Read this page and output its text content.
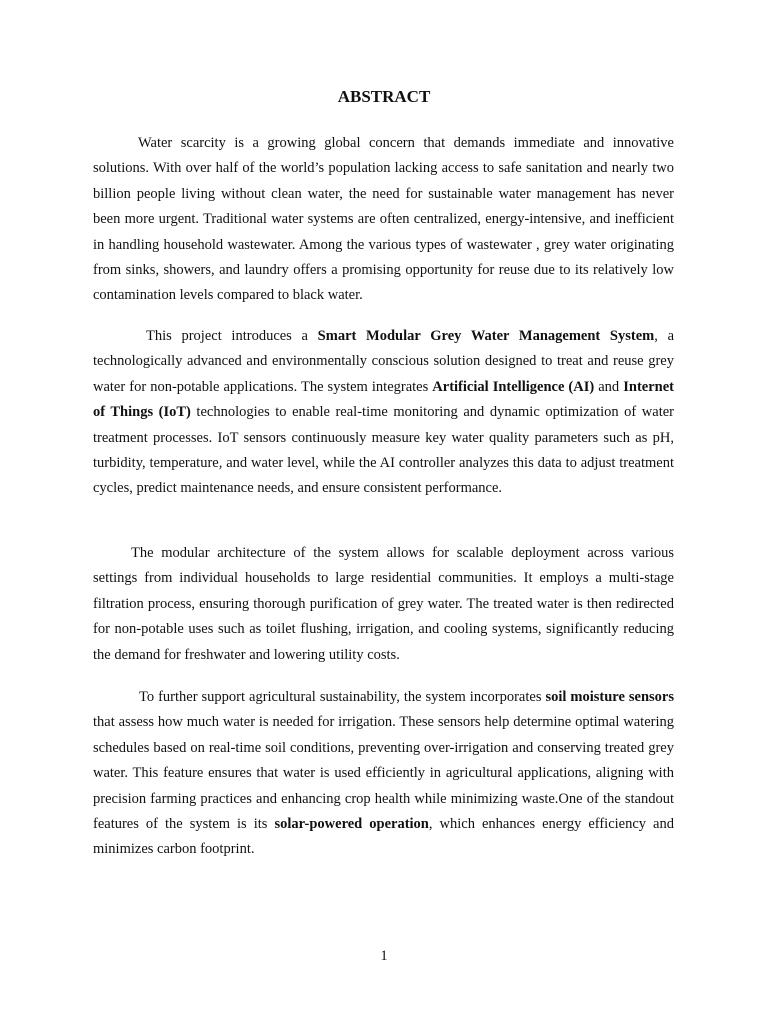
ABSTRACT

Water scarcity is a growing global concern that demands immediate and innovative solutions. With over half of the world’s population lacking access to safe sanitation and nearly two billion people living without clean water, the need for sustainable water management has never been more urgent. Traditional water systems are often centralized, energy-intensive, and inefficient in handling household wastewater. Among the various types of wastewater , grey water originating from sinks, showers, and laundry offers a promising opportunity for reuse due to its relatively low contamination levels compared to black water.

This project introduces a Smart Modular Grey Water Management System, a technologically advanced and environmentally conscious solution designed to treat and reuse grey water for non-potable applications. The system integrates Artificial Intelligence (AI) and Internet of Things (IoT) technologies to enable real-time monitoring and dynamic optimization of water treatment processes. IoT sensors continuously measure key water quality parameters such as pH, turbidity, temperature, and water level, while the AI controller analyzes this data to adjust treatment cycles, predict maintenance needs, and ensure consistent performance.

The modular architecture of the system allows for scalable deployment across various settings from individual households to large residential communities. It employs a multi-stage filtration process, ensuring thorough purification of grey water. The treated water is then redirected for non-potable uses such as toilet flushing, irrigation, and cooling systems, significantly reducing the demand for freshwater and lowering utility costs.

To further support agricultural sustainability, the system incorporates soil moisture sensors that assess how much water is needed for irrigation. These sensors help determine optimal watering schedules based on real-time soil conditions, preventing over-irrigation and conserving treated grey water. This feature ensures that water is used efficiently in agricultural applications, aligning with precision farming practices and enhancing crop health while minimizing waste.One of the standout features of the system is its solar-powered operation, which enhances energy efficiency and minimizes carbon footprint.

1
